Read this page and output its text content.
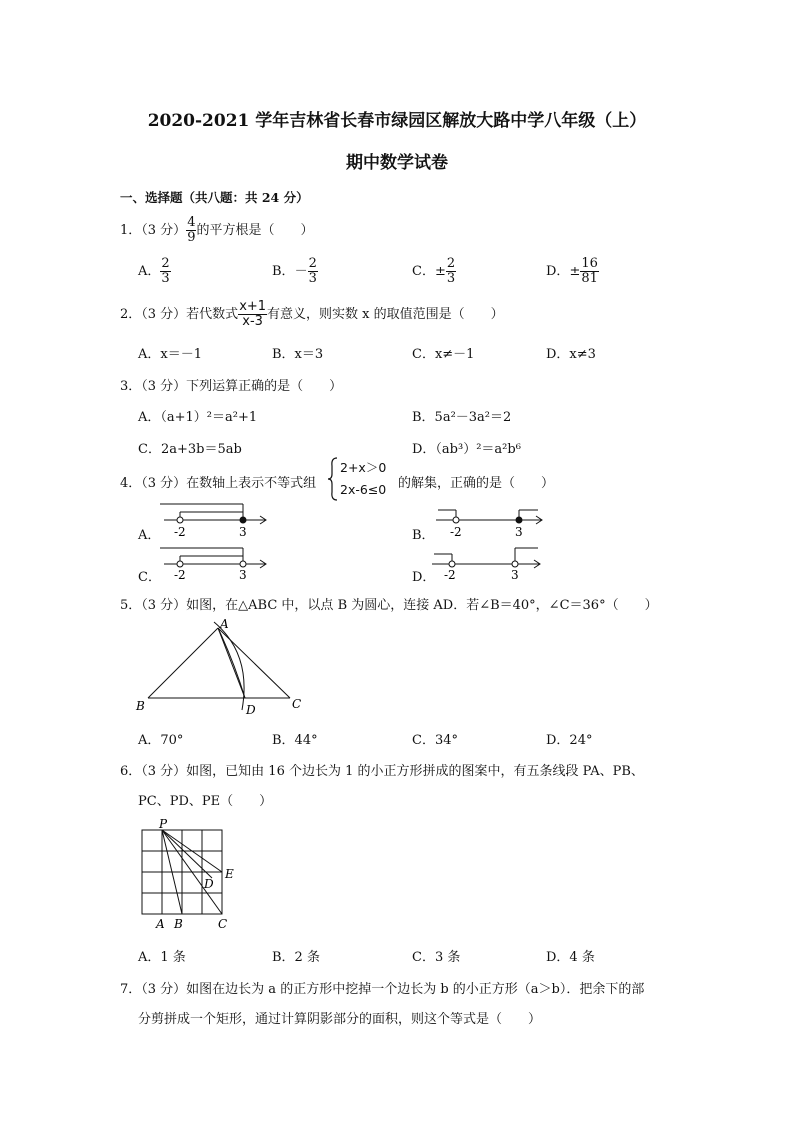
2020-2021 学年吉林省长春市绿园区解放大路中学八年级（上）
期中数学试卷
一、选择题（共八题：共 24 分）
1．（3 分） $\frac{4}{9}$ 的平方根是（　　）
A． $\frac{2}{3}$	B．－ $\frac{2}{3}$	C．± $\frac{2}{3}$	D．± $\frac{16}{81}$
2．（3 分）若代数式 $\frac{x+1}{x-3}$ 有意义，则实数 x 的取值范围是（　　）
A．x＝－1	B．x＝3	C．x≠－1	D．x≠3
3．（3 分）下列运算正确的是（　　）
A．（a+1）²＝a²+1	B．5a²－3a²＝2
C．2a+3b＝5ab	D．（ab³）²＝a²b⁶
4．（3 分）在数轴上表示不等式组
2+x＞0
2x-6≤0 的解集，正确的是（　　）
A． -2	3	B． -2	3
C． -2	3	D． -2	3
5．（3 分）如图，在△ABC 中，以点 B 为圆心，连接 AD．若∠B＝40°，∠C＝36°（　　）
A
B	C
D
A．70°	B．44°	C．34°	D．24°
6．（3 分）如图，已知由 16 个边长为 1 的小正方形拼成的图案中，有五条线段 PA、PB、
PC、PD、PE（　　）
P
A B	C
D
E
A．1 条	B．2 条	C．3 条	D．4 条
7．（3 分）如图在边长为 a 的正方形中挖掉一个边长为 b 的小正方形（a＞b）．把余下的部
分剪拼成一个矩形，通过计算阴影部分的面积，则这个等式是（　　）
